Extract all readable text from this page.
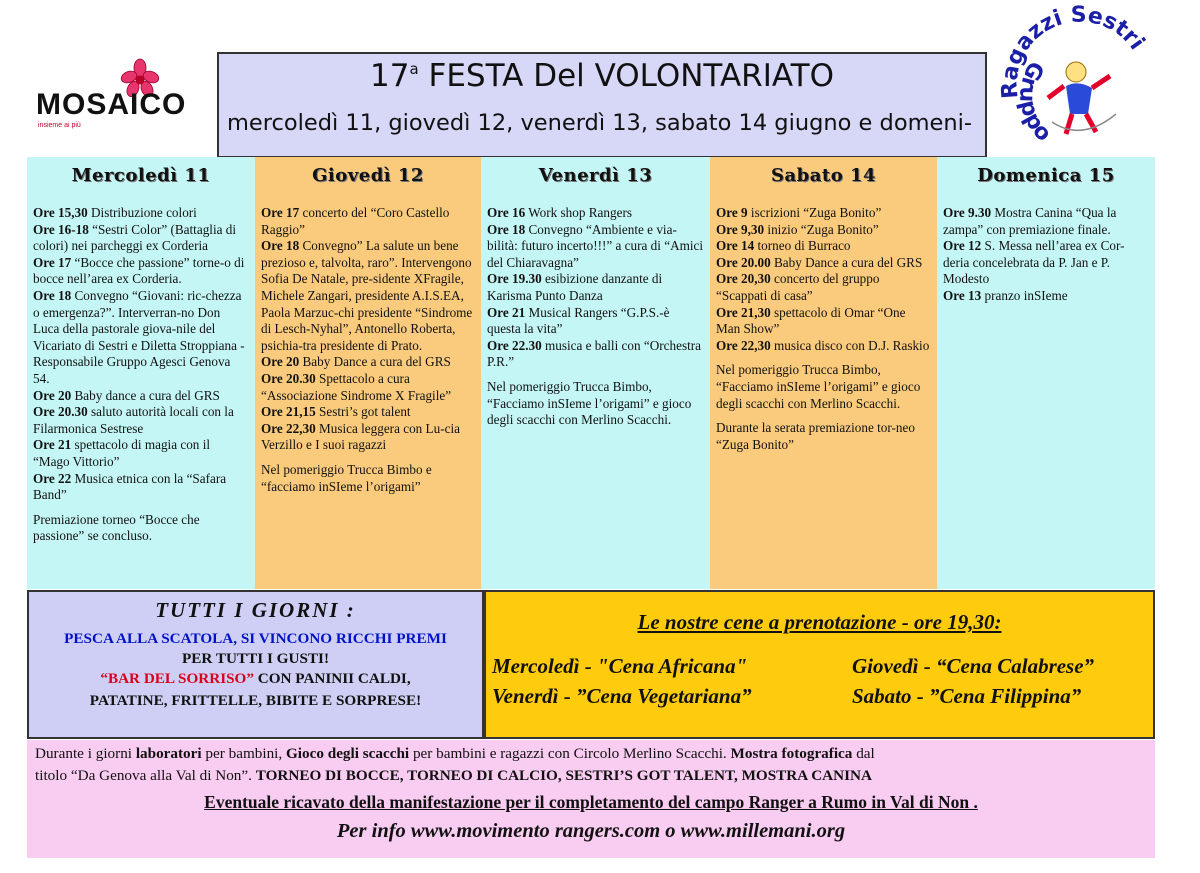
MOSAICO
insieme ai più
17$^a$ FESTA Del VOLONTARIATO
mercoledì 11, giovedì 12, venerdì 13, sabato 14 giugno e domeni-
Ragazzi Sestri
Gruppo
Mercoledì 11

Ore 15,30 Distribuzione colori

Ore 16-18 “Sestri Color” (Battaglia di colori) nei parcheggi ex Corderia

Ore 17 “Bocce che passione” torne-o di bocce nell’area ex Corderia.

Ore 18 Convegno “Giovani: ric-chezza o emergenza?”. Interverran-no Don Luca della pastorale giova-nile del Vicariato di Sestri e Diletta Stroppiana - Responsabile Gruppo Agesci Genova 54.

Ore 20 Baby dance a cura del GRS

Ore 20.30 saluto autorità locali con la Filarmonica Sestrese

Ore 21 spettacolo di magia con il “Mago Vittorio”

Ore 22 Musica etnica con la “Safara Band”

Premiazione torneo “Bocce che passione” se concluso.

Giovedì 12

Ore 17 concerto del “Coro Castello Raggio”

Ore 18 Convegno” La salute un bene prezioso e, talvolta, raro”. Intervengono Sofia De Natale, pre-sidente XFragile, Michele Zangari, presidente A.I.S.EA, Paola Marzuc-chi presidente “Sindrome di Lesch-Nyhal”, Antonello Roberta, psichia-tra presidente di Prato.

Ore 20 Baby Dance a cura del GRS

Ore 20.30 Spettacolo a cura “Associazione Sindrome X Fragile”

Ore 21,15 Sestri’s got talent

Ore 22,30 Musica leggera con Lu-cia Verzillo e I suoi ragazzi

Nel pomeriggio Trucca Bimbo e “facciamo inSIeme l’origami”

Venerdì 13

Ore 16 Work shop Rangers

Ore 18 Convegno “Ambiente e via-bilità: futuro incerto!!!” a cura di “Amici del Chiaravagna”

Ore 19.30 esibizione danzante di Karisma Punto Danza

Ore 21 Musical Rangers “G.P.S.-è questa la vita”

Ore 22.30 musica e balli con “Orchestra P.R.”

Nel pomeriggio Trucca Bimbo, “Facciamo inSIeme l’origami” e gioco degli scacchi con Merlino Scacchi.

Sabato 14

Ore 9 iscrizioni “Zuga Bonito”

Ore 9,30 inizio “Zuga Bonito”

Ore 14 torneo di Burraco

Ore 20.00 Baby Dance a cura del GRS

Ore 20,30 concerto del gruppo “Scappati di casa”

Ore 21,30 spettacolo di Omar “One Man Show”

Ore 22,30 musica disco con D.J. Raskio

Nel pomeriggio Trucca Bimbo, “Facciamo inSIeme l’origami” e gioco degli scacchi con Merlino Scacchi.

Durante la serata premiazione tor-neo “Zuga Bonito”

Domenica 15

Ore 9.30 Mostra Canina “Qua la zampa” con premiazione finale.

Ore 12 S. Messa nell’area ex Cor-deria concelebrata da P. Jan e P. Modesto

Ore 13 pranzo inSIeme

TUTTI I GIORNI :
PESCA ALLA SCATOLA, SI VINCONO RICCHI PREMI
PER TUTTI I GUSTI!
“BAR DEL SORRISO” CON PANINII CALDI,
PATATINE, FRITTELLE, BIBITE E SORPRESE!
Le nostre cene a prenotazione - ore 19,30:
Mercoledì - "Cena Africana"	Giovedì - “Cena Calabrese”
Venerdì - ”Cena Vegetariana”	Sabato - ”Cena Filippina”
Durante i giorni laboratori per bambini, Gioco degli scacchi per bambini e ragazzi con Circolo Merlino Scacchi. Mostra fotografica dal
titolo “Da Genova alla Val di Non”. TORNEO DI BOCCE, TORNEO DI CALCIO, SESTRI’S GOT TALENT, MOSTRA CANINA
Eventuale ricavato della manifestazione per il completamento del campo Ranger a Rumo in Val di Non .
Per info www.movimento rangers.com o www.millemani.org
